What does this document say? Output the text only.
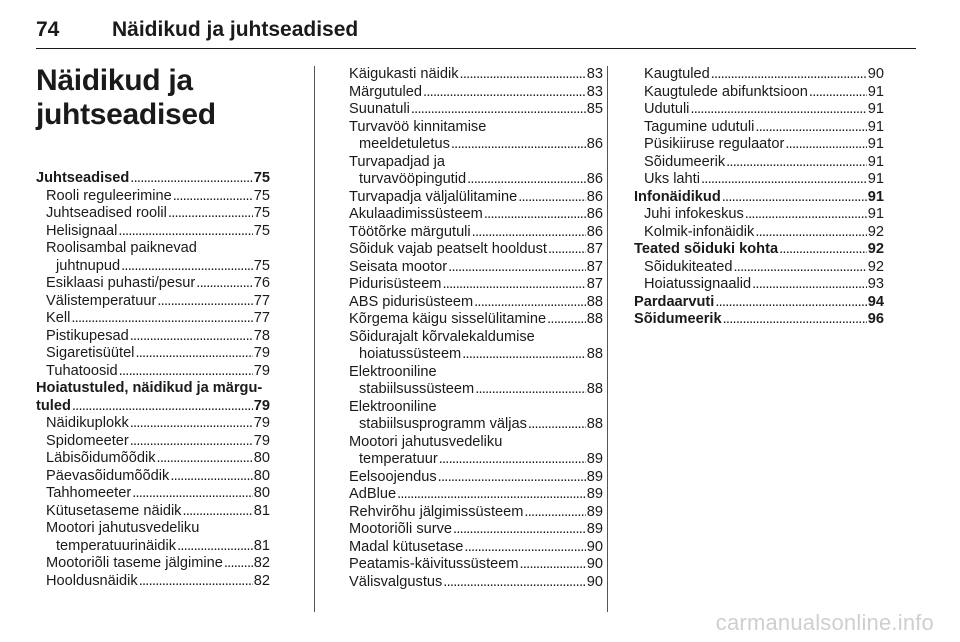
74	Näidikud ja juhtseadised
Näidikud ja
juhtseadised
Juhtseadised . . .	75
Rooli reguleerimine . . .	75
Juhtseadised roolil . . .	75
Helisignaal . . .	75
Roolisambal paiknevad
juhtnupud . . .	75
Esiklaasi puhasti/pesur . . .	76
Välistemperatuur . . .	77
Kell . . .	77
Pistikupesad . . .	78
Sigaretisüütel . . .	79
Tuhatoosid . . .	79
Hoiatustuled, näidikud ja märgu-
tuled . . .	79
Näidikuplokk . . .	79
Spidomeeter . . .	79
Läbisõidumõõdik . . .	80
Päevasõidumõõdik . . .	80
Tahhomeeter . . .	80
Kütusetaseme näidik . . .	81
Mootori jahutusvedeliku
temperatuurinäidik . . .	81
Mootoriõli taseme jälgimine . . . 82
Hooldusnäidik . . .	82
Käigukasti näidik . . .	83
Märgutuled . . .	83
Suunatuli . . .	85
Turvavöö kinnitamise
meeldetuletus . . .	86
Turvapadjad ja
turvavööpingutid . . .	86
Turvapadja väljalülitamine . . .	86
Akulaadimissüsteem . . .	86
Töötõrke märgutuli . . .	86
Sõiduk vajab peatselt hooldust . . .	87
Seisata mootor . . .	87
Pidurisüsteem . . .	87
ABS pidurisüsteem . . .	88
Kõrgema käigu sisselülitamine . . .	88
Sõidurajalt kõrvalekaldumise
hoiatussüsteem . . .	88
Elektrooniline
stabiilsussüsteem . . .	88
Elektrooniline
stabiilsusprogramm väljas . . .	88
Mootori jahutusvedeliku
temperatuur . . .	89
Eelsoojendus . . .	89
AdBlue . . .	89
Rehvirõhu jälgimissüsteem . . .	89
Mootoriõli surve . . .	89
Madal kütusetase . . .	90
Peatamis-käivitussüsteem . . .	90
Välisvalgustus . . .	90
Kaugtuled . . .	90
Kaugtulede abifunktsioon . . .	91
Udutuli . . .	91
Tagumine udutuli . . .	91
Püsikiiruse regulaator . . .	91
Sõidumeerik . . .	91
Uks lahti . . .	91
Infonäidikud . . .	91
Juhi infokeskus . . .	91
Kolmik-infonäidik . . .	92
Teated sõiduki kohta . . .	92
Sõidukiteated . . .	92
Hoiatussignaalid . . .	93
Pardaarvuti . . .	94
Sõidumeerik . . .	96
carmanualsonline.info
